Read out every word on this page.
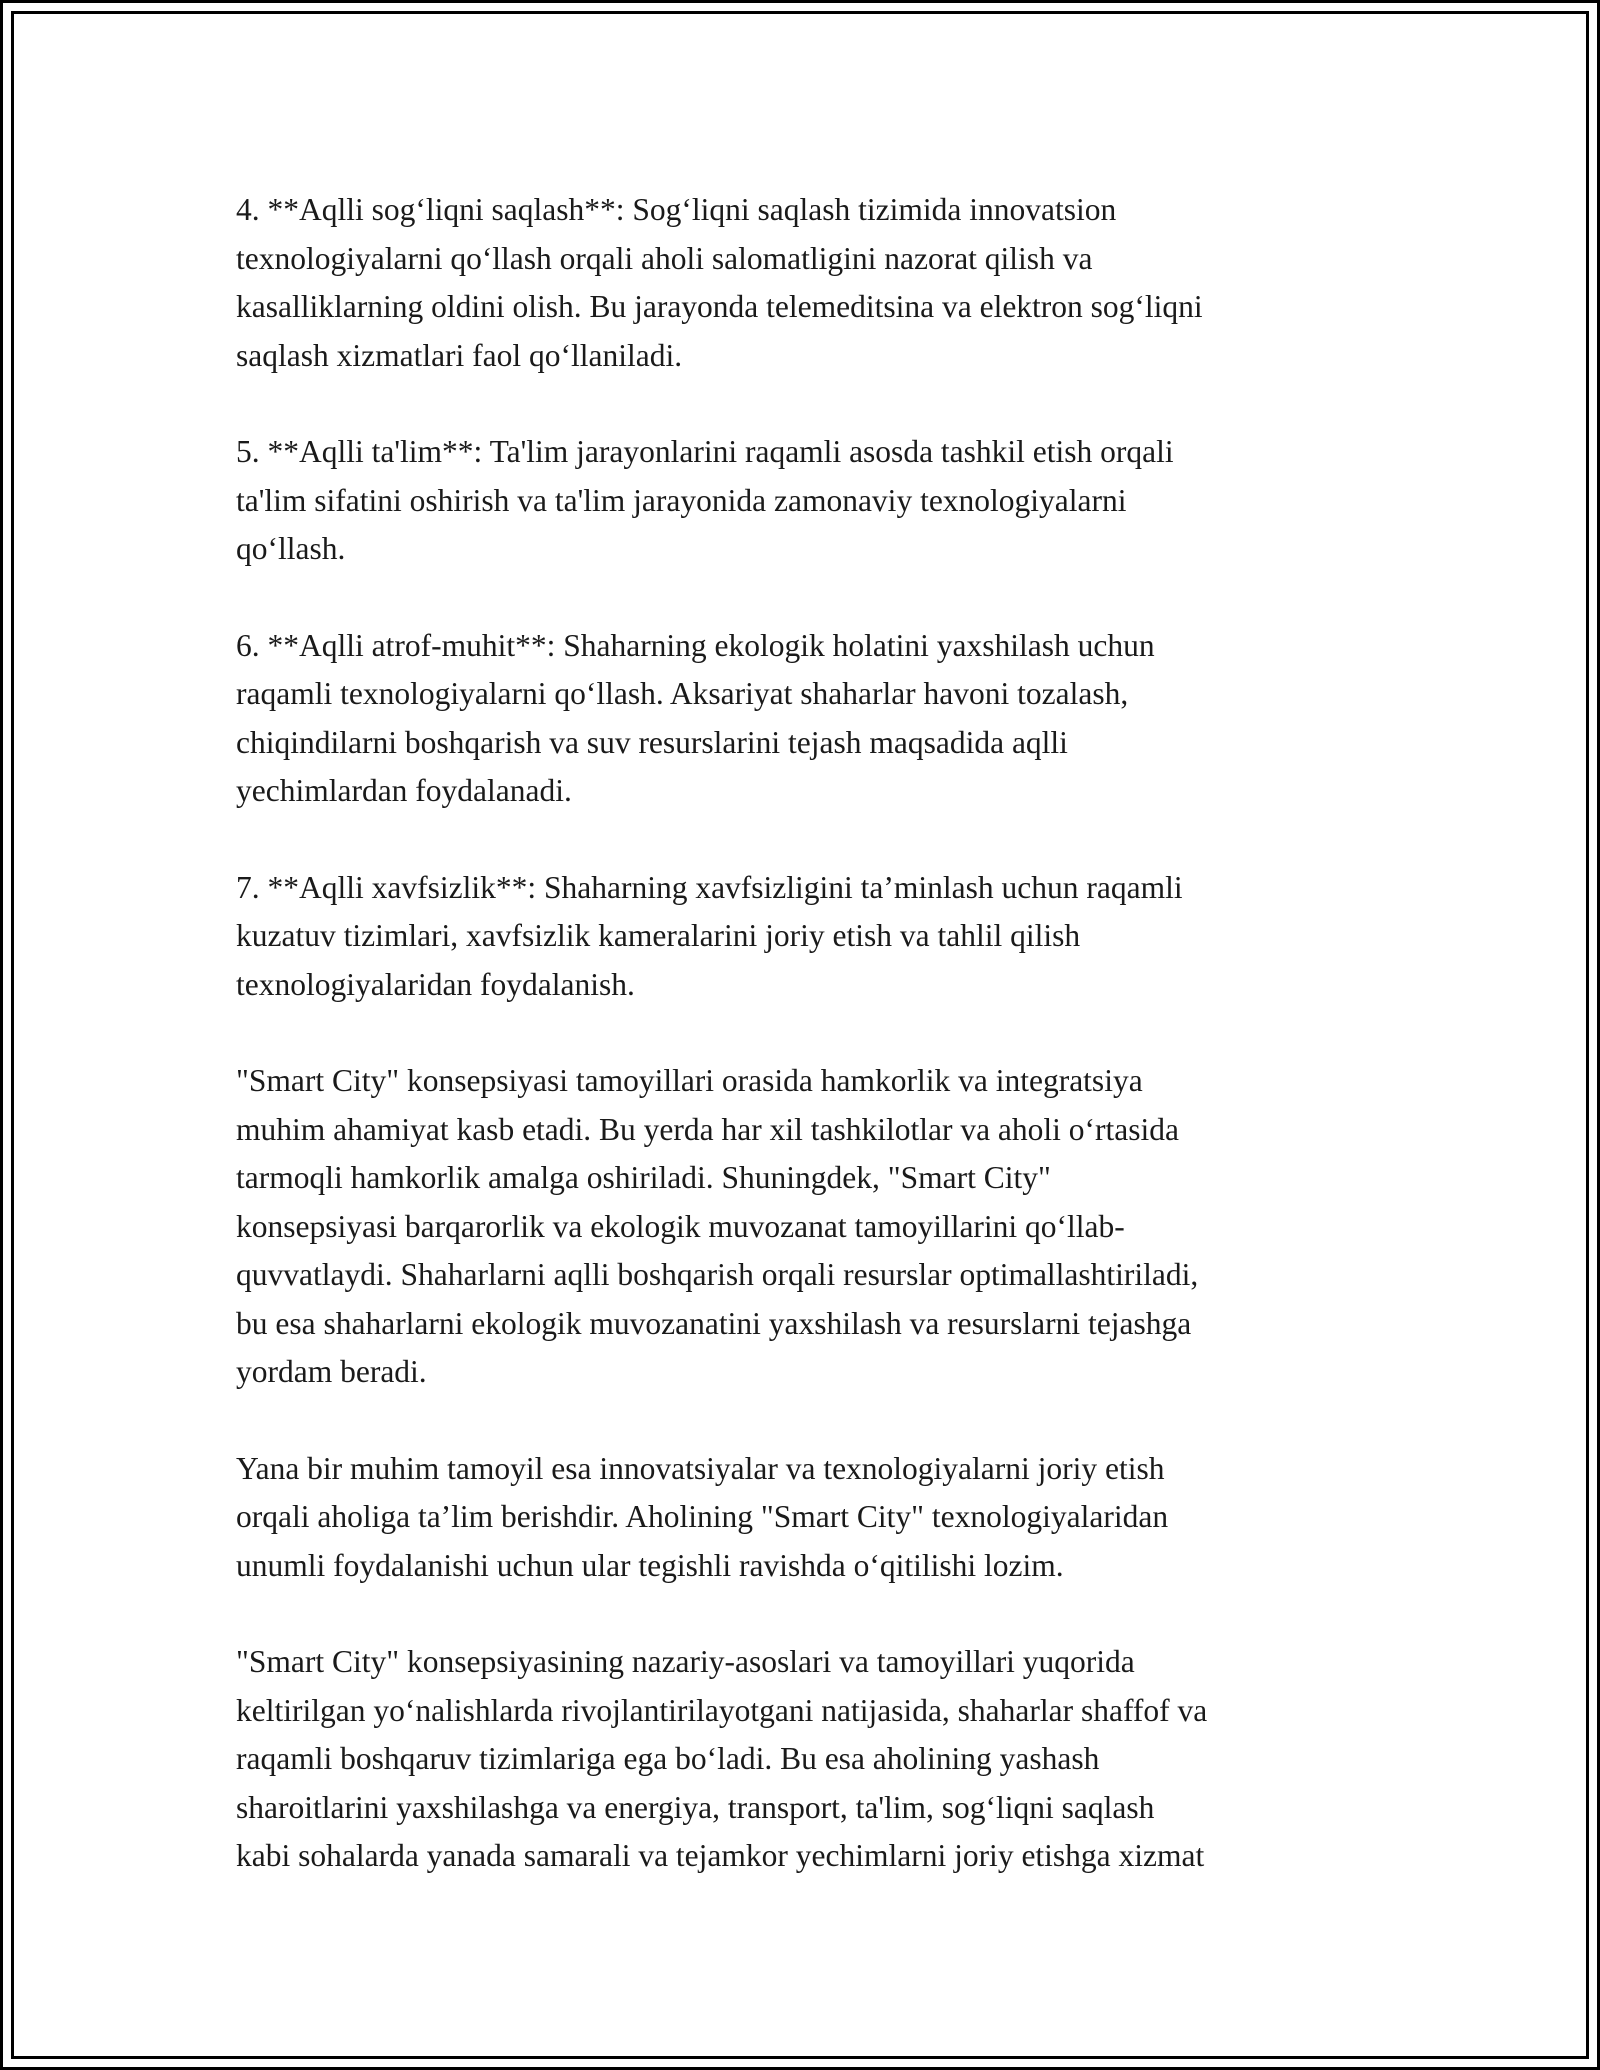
4. **Aqlli sog‘liqni saqlash**: Sog‘liqni saqlash tizimida innovatsion
texnologiyalarni qo‘llash orqali aholi salomatligini nazorat qilish va
kasalliklarning oldini olish. Bu jarayonda telemeditsina va elektron sog‘liqni
saqlash xizmatlari faol qo‘llaniladi.

5. **Aqlli ta'lim**: Ta'lim jarayonlarini raqamli asosda tashkil etish orqali
ta'lim sifatini oshirish va ta'lim jarayonida zamonaviy texnologiyalarni
qo‘llash.

6. **Aqlli atrof-muhit**: Shaharning ekologik holatini yaxshilash uchun
raqamli texnologiyalarni qo‘llash. Aksariyat shaharlar havoni tozalash,
chiqindilarni boshqarish va suv resurslarini tejash maqsadida aqlli
yechimlardan foydalanadi.

7. **Aqlli xavfsizlik**: Shaharning xavfsizligini ta’minlash uchun raqamli
kuzatuv tizimlari, xavfsizlik kameralarini joriy etish va tahlil qilish
texnologiyalaridan foydalanish.

"Smart City" konsepsiyasi tamoyillari orasida hamkorlik va integratsiya
muhim ahamiyat kasb etadi. Bu yerda har xil tashkilotlar va aholi o‘rtasida
tarmoqli hamkorlik amalga oshiriladi. Shuningdek, "Smart City"
konsepsiyasi barqarorlik va ekologik muvozanat tamoyillarini qo‘llab-
quvvatlaydi. Shaharlarni aqlli boshqarish orqali resurslar optimallashtiriladi,
bu esa shaharlarni ekologik muvozanatini yaxshilash va resurslarni tejashga
yordam beradi.

Yana bir muhim tamoyil esa innovatsiyalar va texnologiyalarni joriy etish
orqali aholiga ta’lim berishdir. Aholining "Smart City" texnologiyalaridan
unumli foydalanishi uchun ular tegishli ravishda o‘qitilishi lozim.

"Smart City" konsepsiyasining nazariy-asoslari va tamoyillari yuqorida
keltirilgan yo‘nalishlarda rivojlantirilayotgani natijasida, shaharlar shaffof va
raqamli boshqaruv tizimlariga ega bo‘ladi. Bu esa aholining yashash
sharoitlarini yaxshilashga va energiya, transport, ta'lim, sog‘liqni saqlash
kabi sohalarda yanada samarali va tejamkor yechimlarni joriy etishga xizmat
